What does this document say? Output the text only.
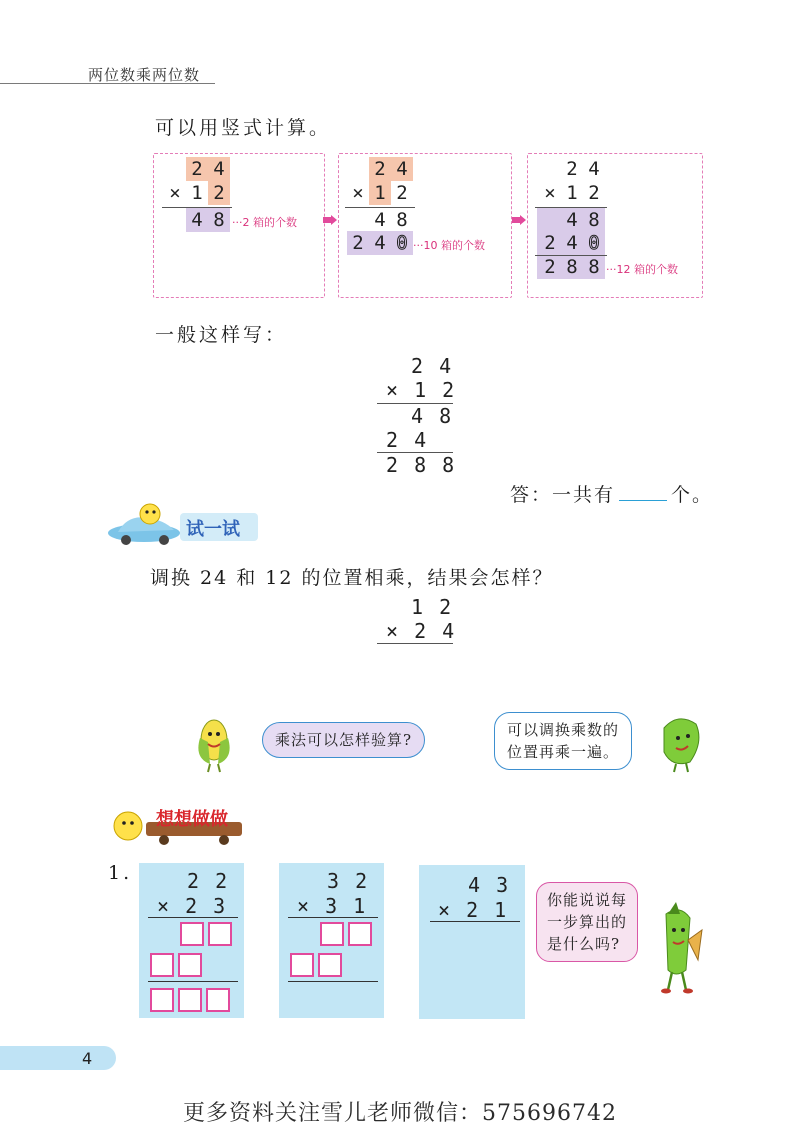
两位数乘两位数
可以用竖式计算。
2 4
× 1 2
4 8 ···2 箱的个数
2 4
× 1 2
4 8
2 4 0 ···10 箱的个数
2 4
× 1 2
4 8
2 4 0
2 8 8 ···12 箱的个数
一般这样写：
2 4
× 1 2
4 8
2 4
2 8 8
答：一共有	个。
试一试
调换 24 和 12 的位置相乘，结果会怎样？
1 2
× 2 4
乘法可以怎样验算?
可以调换乘数的
位置再乘一遍。
想想做做
1.	2 2
× 2 3
3 2
× 3 1
4 3
× 2 1	你能说说每
一步算出的
是什么吗?
4
更多资料关注雪儿老师微信：575696742
